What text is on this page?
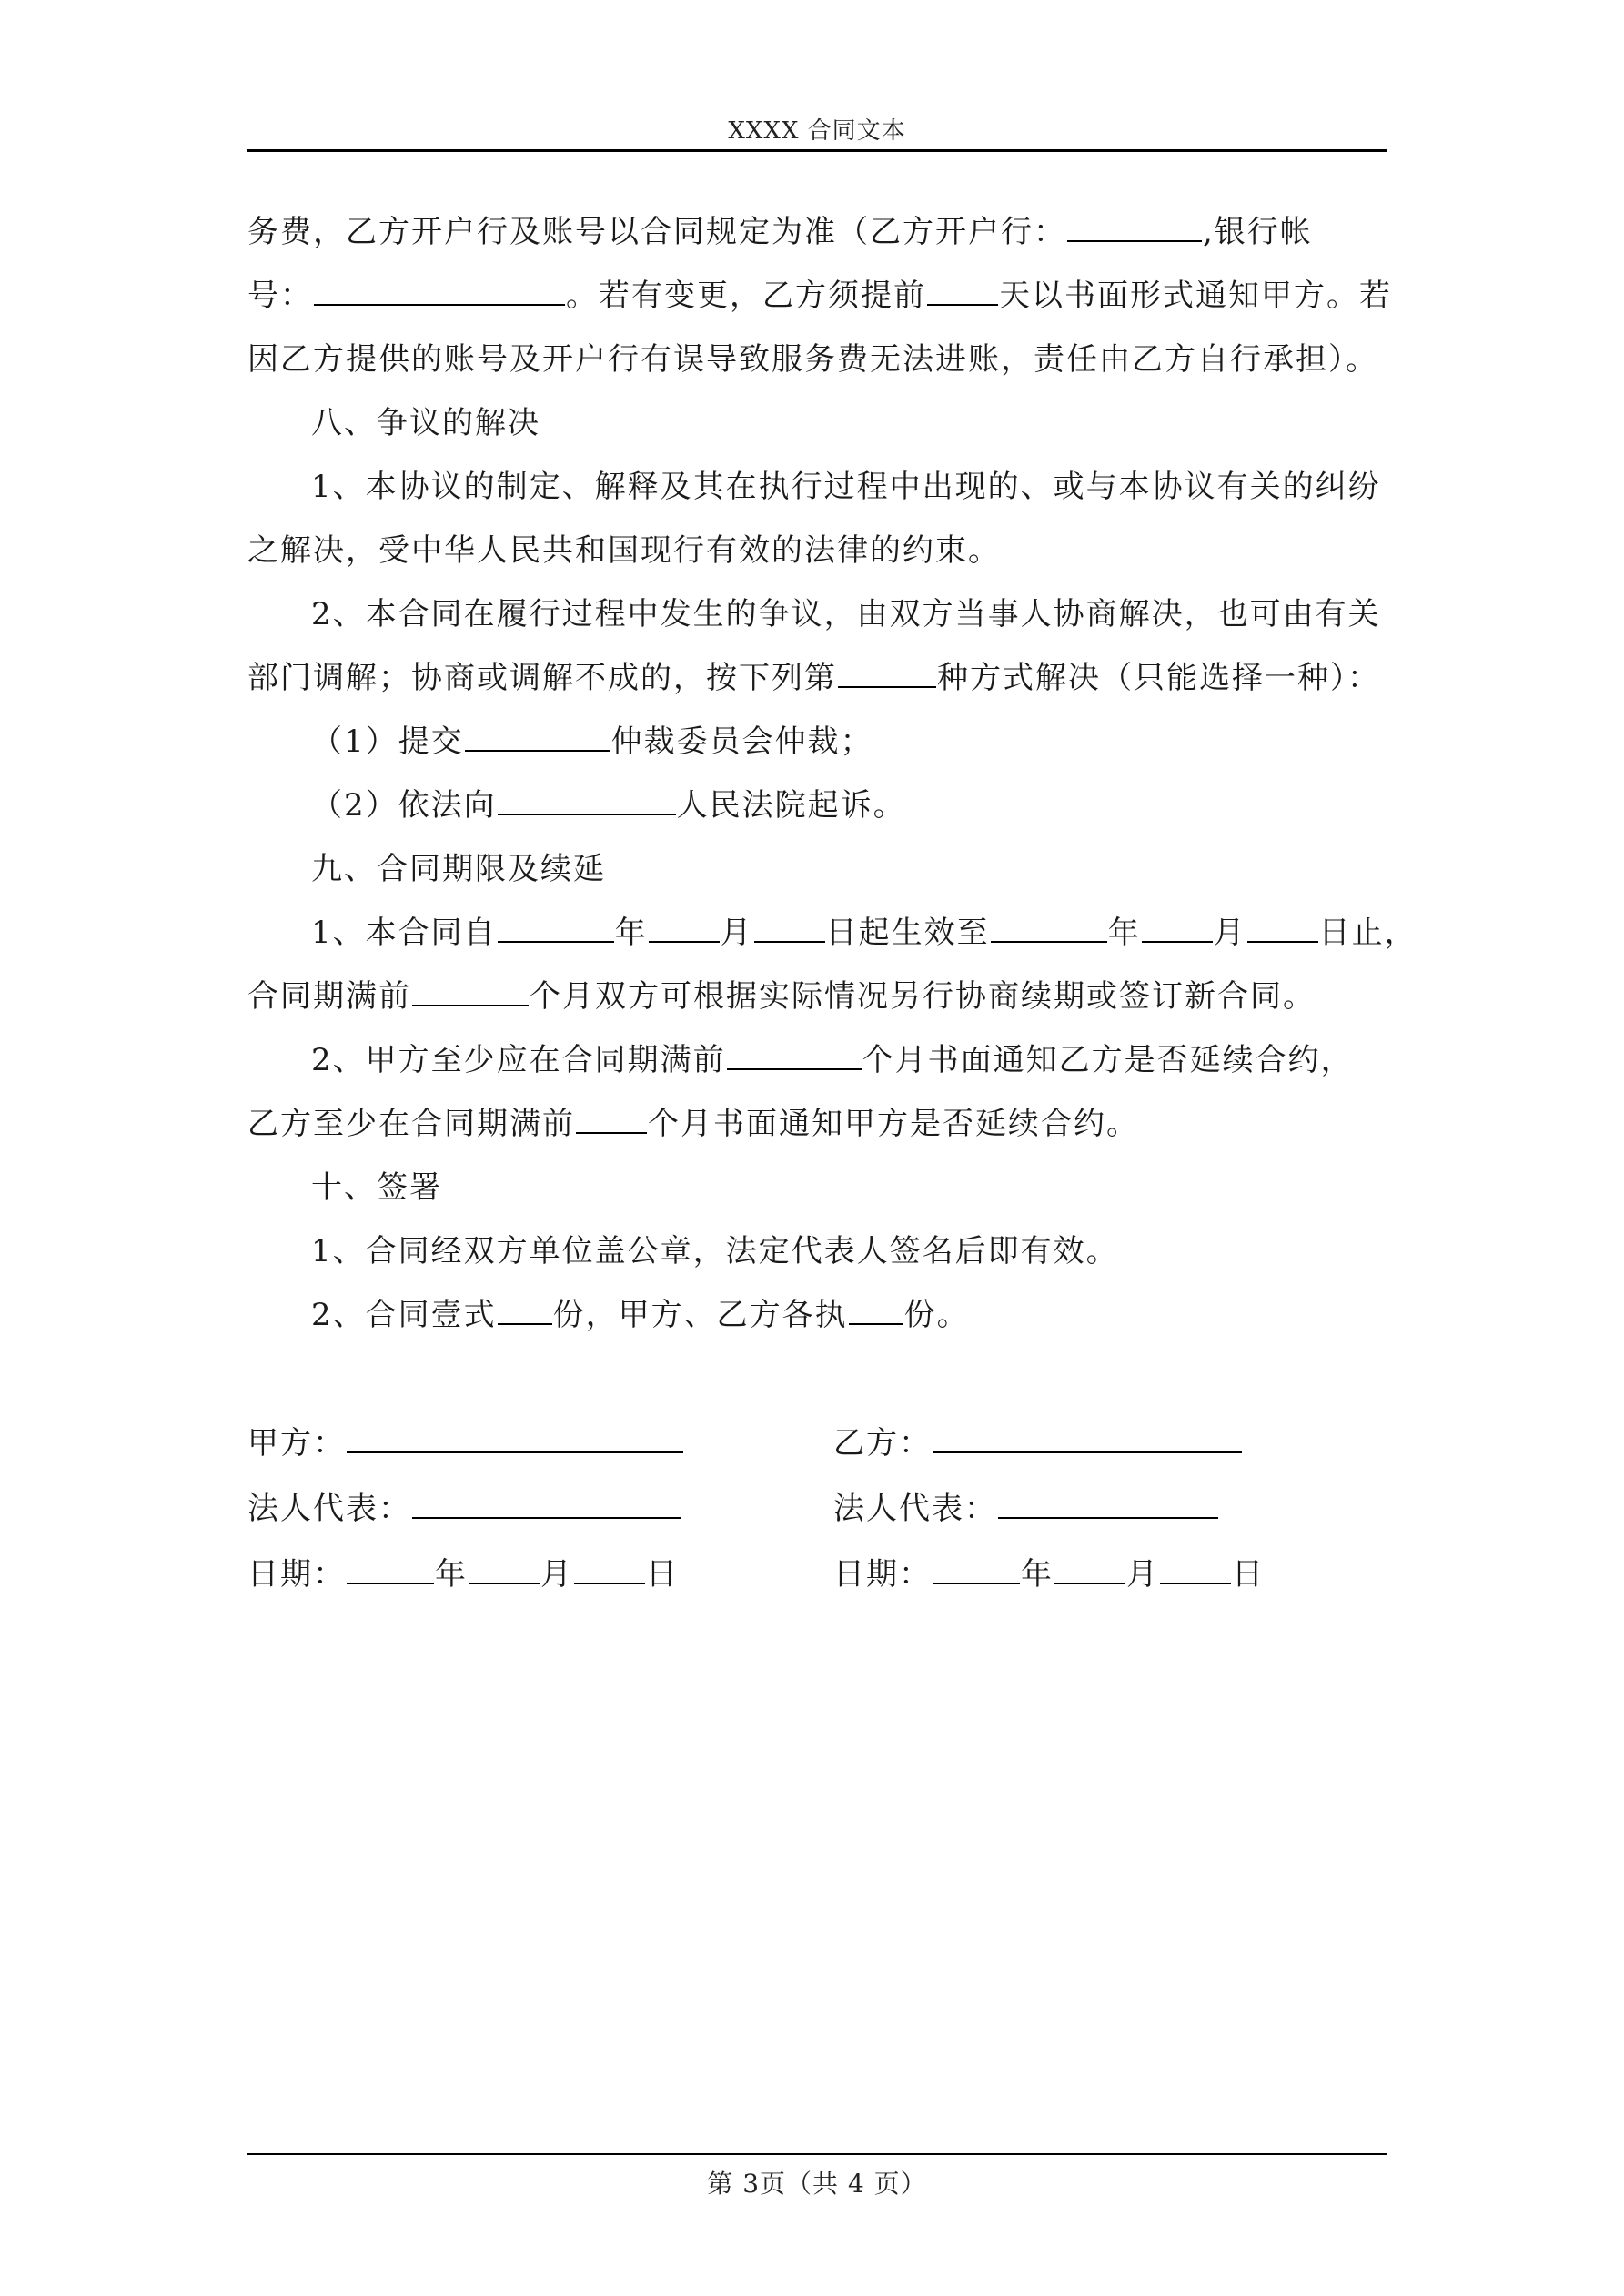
XXXX 合同文本
务费，乙方开户行及账号以合同规定为准（乙方开户行：	,银行帐
号：	。若有变更，乙方须提前 天以书面形式通知甲方。若
因乙方提供的账号及开户行有误导致服务费无法进账，责任由乙方自行承担）。
八、争议的解决
1、本协议的制定、解释及其在执行过程中出现的、或与本协议有关的纠纷
之解决，受中华人民共和国现行有效的法律的约束。
2、本合同在履行过程中发生的争议，由双方当事人协商解决，也可由有关
部门调解；协商或调解不成的，按下列第	种方式解决（只能选择一种）：
（1）提交	仲裁委员会仲裁；
（2）依法向	人民法院起诉。
九、合同期限及续延
1、本合同自	年 月 日起生效至	年 月 日止，
合同期满前	个月双方可根据实际情况另行协商续期或签订新合同。
2、甲方至少应在合同期满前	个月书面通知乙方是否延续合约，
乙方至少在合同期满前 个月书面通知甲方是否延续合约。
十、签署
1、合同经双方单位盖公章，法定代表人签名后即有效。
2、合同壹式 份，甲方、乙方各执 份。
甲方：	乙方：
法人代表：	法人代表：
日期：	年 月 日	日期：	年 月 日
第 3页（共 4 页）
